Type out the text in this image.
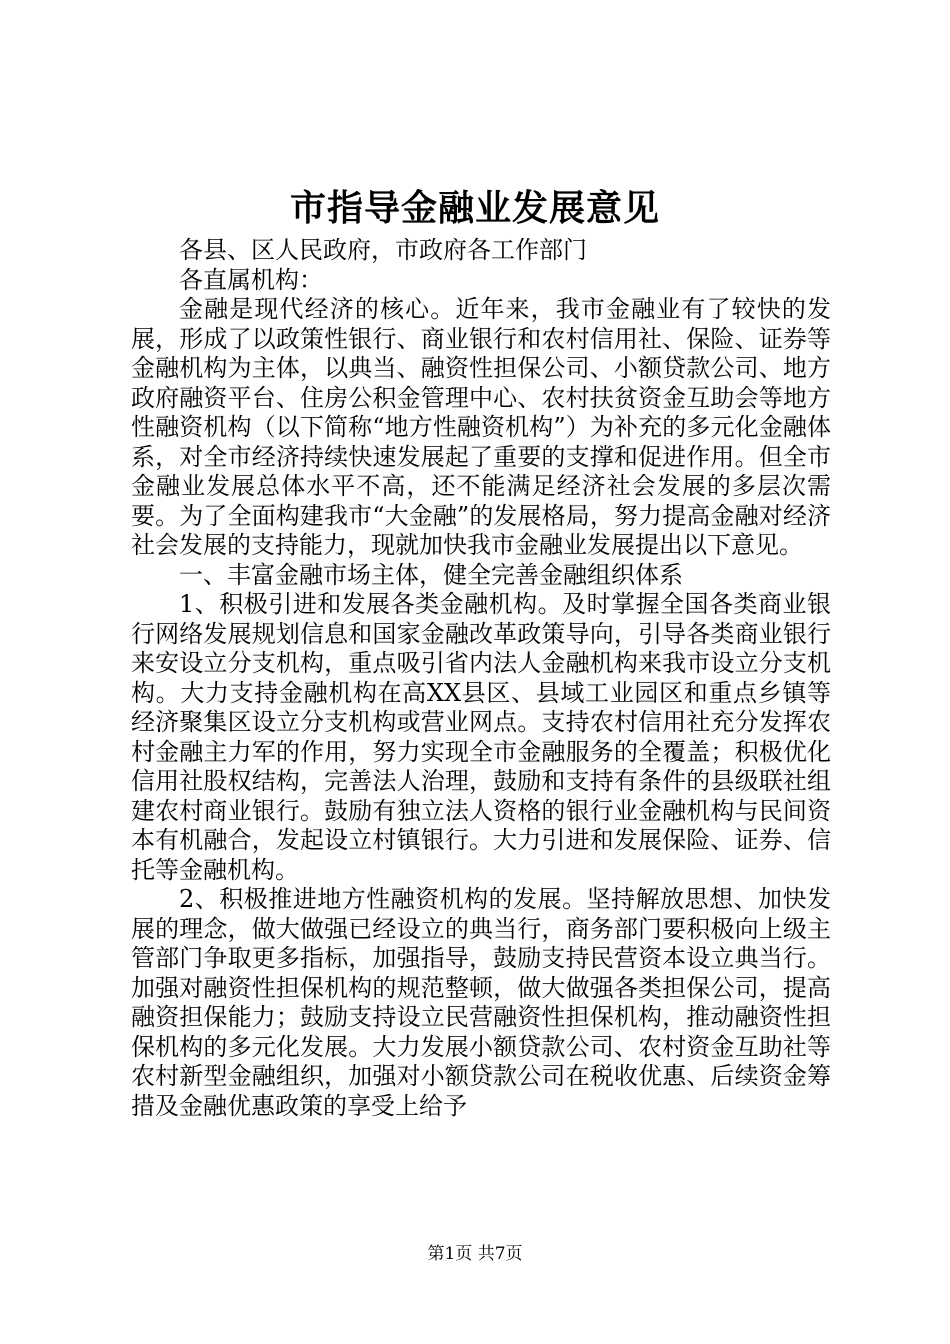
市指导金融业发展意见

各县、区人民政府，市政府各工作部门

各直属机构：

金融是现代经济的核心。近年来，我市金融业有了较快的发展，形成了以政策性银行、商业银行和农村信用社、保险、证券等金融机构为主体，以典当、融资性担保公司、小额贷款公司、地方政府融资平台、住房公积金管理中心、农村扶贫资金互助会等地方性融资机构（以下简称“地方性融资机构”）为补充的多元化金融体系，对全市经济持续快速发展起了重要的支撑和促进作用。但全市金融业发展总体水平不高，还不能满足经济社会发展的多层次需要。为了全面构建我市“大金融”的发展格局，努力提高金融对经济社会发展的支持能力，现就加快我市金融业发展提出以下意见。

一、丰富金融市场主体，健全完善金融组织体系

1、积极引进和发展各类金融机构。及时掌握全国各类商业银行网络发展规划信息和国家金融改革政策导向，引导各类商业银行来安设立分支机构，重点吸引省内法人金融机构来我市设立分支机构。大力支持金融机构在高XX县区、县域工业园区和重点乡镇等经济聚集区设立分支机构或营业网点。支持农村信用社充分发挥农村金融主力军的作用，努力实现全市金融服务的全覆盖；积极优化信用社股权结构，完善法人治理，鼓励和支持有条件的县级联社组建农村商业银行。鼓励有独立法人资格的银行业金融机构与民间资本有机融合，发起设立村镇银行。大力引进和发展保险、证券、信托等金融机构。

2、积极推进地方性融资机构的发展。坚持解放思想、加快发展的理念，做大做强已经设立的典当行，商务部门要积极向上级主管部门争取更多指标，加强指导，鼓励支持民营资本设立典当行。加强对融资性担保机构的规范整顿，做大做强各类担保公司，提高融资担保能力；鼓励支持设立民营融资性担保机构，推动融资性担保机构的多元化发展。大力发展小额贷款公司、农村资金互助社等农村新型金融组织，加强对小额贷款公司在税收优惠、后续资金筹措及金融优惠政策的享受上给予

第1页 共7页
